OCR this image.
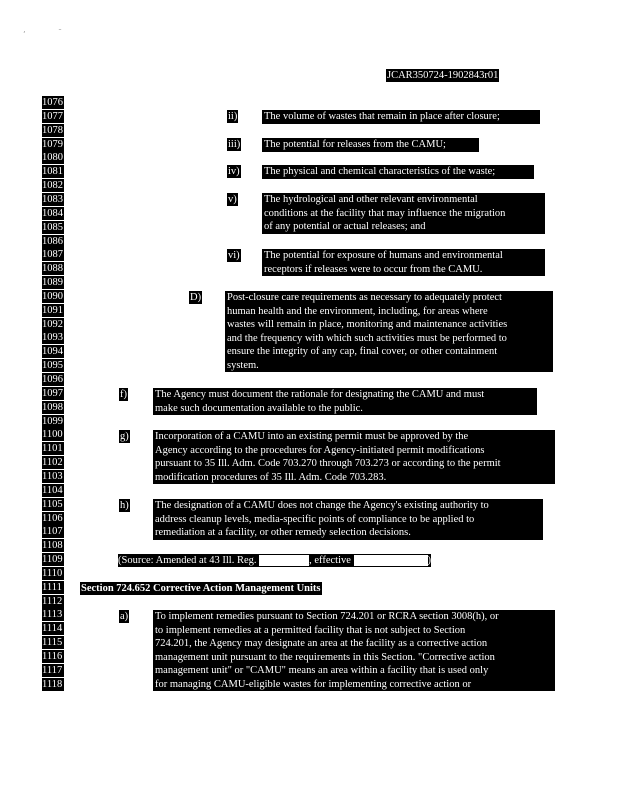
ʼ	ˉ
JCAR350724-1902843r01
1076
1077
1078
1079
1080
1081
1082
1083
1084
1085
1086
1087
1088
1089
1090
1091
1092
1093
1094
1095
1096
1097
1098
1099
1100
1101
1102
1103
1104
1105
1106
1107
1108
1109
1110
1111
1112
1113
1114
1115
1116
1117
1118
ii)	The volume of wastes that remain in place after closure;
iii) The potential for releases from the CAMU;
iv) The physical and chemical characteristics of the waste;
v)	The hydrological and other relevant environmental
conditions at the facility that may influence the migration
of any potential or actual releases; and
vi) The potential for exposure of humans and environmental
receptors if releases were to occur from the CAMU.
D) Post-closure care requirements as necessary to adequately protect
human health and the environment, including, for areas where
wastes will remain in place, monitoring and maintenance activities
and the frequency with which such activities must be performed to
ensure the integrity of any cap, final cover, or other containment
system.
f)	The Agency must document the rationale for designating the CAMU and must
make such documentation available to the public.
g)	Incorporation of a CAMU into an existing permit must be approved by the
Agency according to the procedures for Agency-initiated permit modifications
pursuant to 35 Ill. Adm. Code 703.270 through 703.273 or according to the permit
modification procedures of 35 Ill. Adm. Code 703.283.
h)	The designation of a CAMU does not change the Agency's existing authority to
address cleanup levels, media-specific points of compliance to be applied to
remediation at a facility, or other remedy selection decisions.
(Source: Amended at 43 Ill. Reg.	, effective	)
Section 724.652 Corrective Action Management Units
a)	To implement remedies pursuant to Section 724.201 or RCRA section 3008(h), or
to implement remedies at a permitted facility that is not subject to Section
724.201, the Agency may designate an area at the facility as a corrective action
management unit pursuant to the requirements in this Section. "Corrective action
management unit" or "CAMU" means an area within a facility that is used only
for managing CAMU-eligible wastes for implementing corrective action or
